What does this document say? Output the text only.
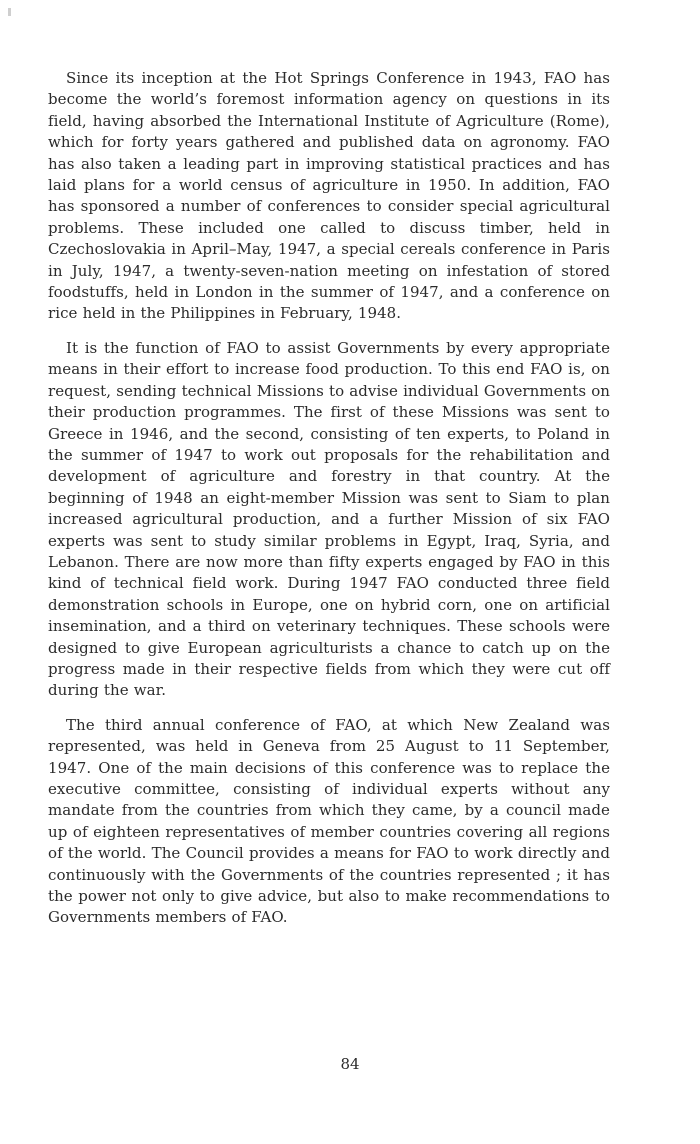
Since its inception at the Hot Springs Conference in 1943, FAO has become the world’s foremost information agency on questions in its field, having absorbed the International Institute of Agriculture (Rome), which for forty years gathered and published data on agronomy. FAO has also taken a leading part in improving statistical practices and has laid plans for a world census of agriculture in 1950. In addition, FAO has sponsored a number of conferences to consider special agricultural problems. These included one called to discuss timber, held in Czechoslovakia in April–May, 1947, a special cereals conference in Paris in July, 1947, a twenty-seven-nation meeting on infestation of stored foodstuffs, held in London in the summer of 1947, and a conference on rice held in the Philippines in February, 1948.

It is the function of FAO to assist Governments by every appropriate means in their effort to increase food production. To this end FAO is, on request, sending technical Missions to advise individual Governments on their production programmes. The first of these Missions was sent to Greece in 1946, and the second, consisting of ten experts, to Poland in the summer of 1947 to work out proposals for the rehabilitation and development of agriculture and forestry in that country. At the beginning of 1948 an eight-member Mission was sent to Siam to plan increased agricultural production, and a further Mission of six FAO experts was sent to study similar problems in Egypt, Iraq, Syria, and Lebanon. There are now more than fifty experts engaged by FAO in this kind of technical field work. During 1947 FAO conducted three field demonstration schools in Europe, one on hybrid corn, one on artificial insemination, and a third on veterinary techniques. These schools were designed to give European agriculturists a chance to catch up on the progress made in their respective fields from which they were cut off during the war.

The third annual conference of FAO, at which New Zealand was represented, was held in Geneva from 25 August to 11 September, 1947. One of the main decisions of this conference was to replace the executive committee, consisting of individual experts without any mandate from the countries from which they came, by a council made up of eighteen representatives of member countries covering all regions of the world. The Council provides a means for FAO to work directly and continuously with the Governments of the countries represented ; it has the power not only to give advice, but also to make recommendations to Governments members of FAO.

84
